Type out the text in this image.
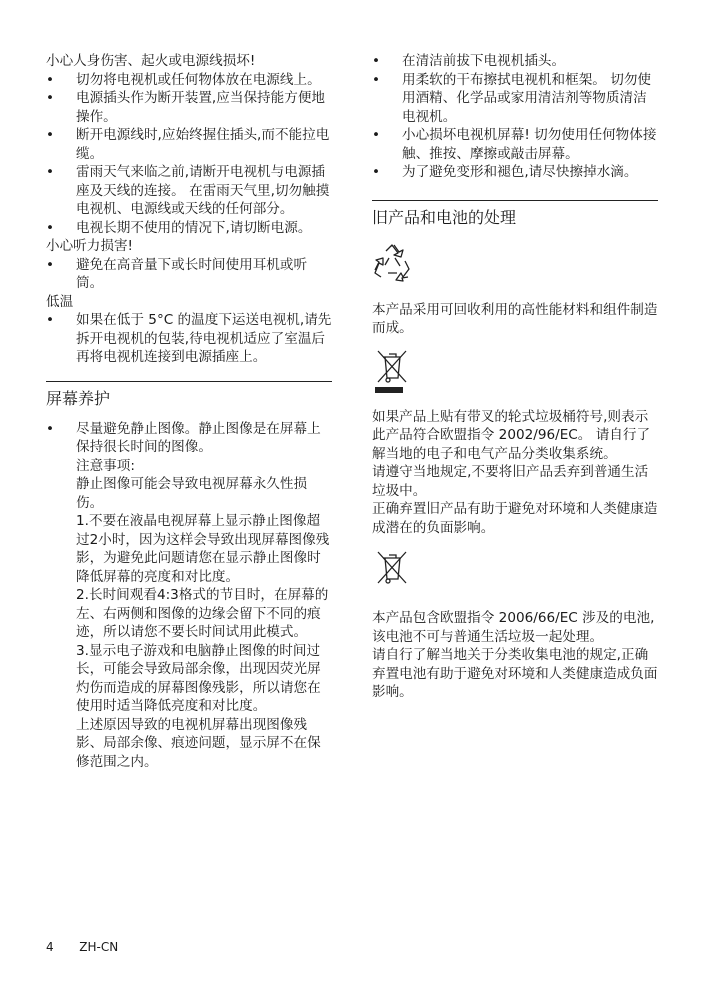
小心人身伤害、起火或电源线损坏!

• 切勿将电视机或任何物体放在电源线上。

• 电源插头作为断开装置,应当保持能方便地操作。

• 断开电源线时,应始终握住插头,而不能拉电缆。

• 雷雨天气来临之前,请断开电视机与电源插座及天线的连接。 在雷雨天气里,切勿触摸电视机、电源线或天线的任何部分。

• 电视长期不使用的情况下,请切断电源。

小心听力损害!

• 避免在高音量下或长时间使用耳机或听筒。

低温

• 如果在低于 5°C 的温度下运送电视机,请先拆开电视机的包装,待电视机适应了室温后再将电视机连接到电源插座上。

屏幕养护

• 尽量避免静止图像。静止图像是在屏幕上保持很长时间的图像。

注意事项:

静止图像可能会导致电视屏幕永久性损伤。

1.不要在液晶电视屏幕上显示静止图像超过2小时，因为这样会导致出现屏幕图像残影，为避免此问题请您在显示静止图像时降低屏幕的亮度和对比度。

2.长时间观看4:3格式的节目时，在屏幕的左、右两侧和图像的边缘会留下不同的痕迹，所以请您不要长时间试用此模式。

3.显示电子游戏和电脑静止图像的时间过长，可能会导致局部余像，出现因荧光屏灼伤而造成的屏幕图像残影，所以请您在使用时适当降低亮度和对比度。

上述原因导致的电视机屏幕出现图像残影、局部余像、痕迹问题，显示屏不在保修范围之内。

• 在清洁前拔下电视机插头。

• 用柔软的干布擦拭电视机和框架。 切勿使用酒精、化学品或家用清洁剂等物质清洁电视机。

• 小心损坏电视机屏幕! 切勿使用任何物体接触、推按、摩擦或敲击屏幕。

• 为了避免变形和褪色,请尽快擦掉水滴。

旧产品和电池的处理

本产品采用可回收利用的高性能材料和组件制造而成。

如果产品上贴有带叉的轮式垃圾桶符号,则表示此产品符合欧盟指令 2002/96/EC。 请自行了解当地的电子和电气产品分类收集系统。

请遵守当地规定,不要将旧产品丢弃到普通生活垃圾中。

正确弃置旧产品有助于避免对环境和人类健康造成潜在的负面影响。

本产品包含欧盟指令 2006/66/EC 涉及的电池,该电池不可与普通生活垃圾一起处理。

请自行了解当地关于分类收集电池的规定,正确弃置电池有助于避免对环境和人类健康造成负面影响。

4 ZH-CN
